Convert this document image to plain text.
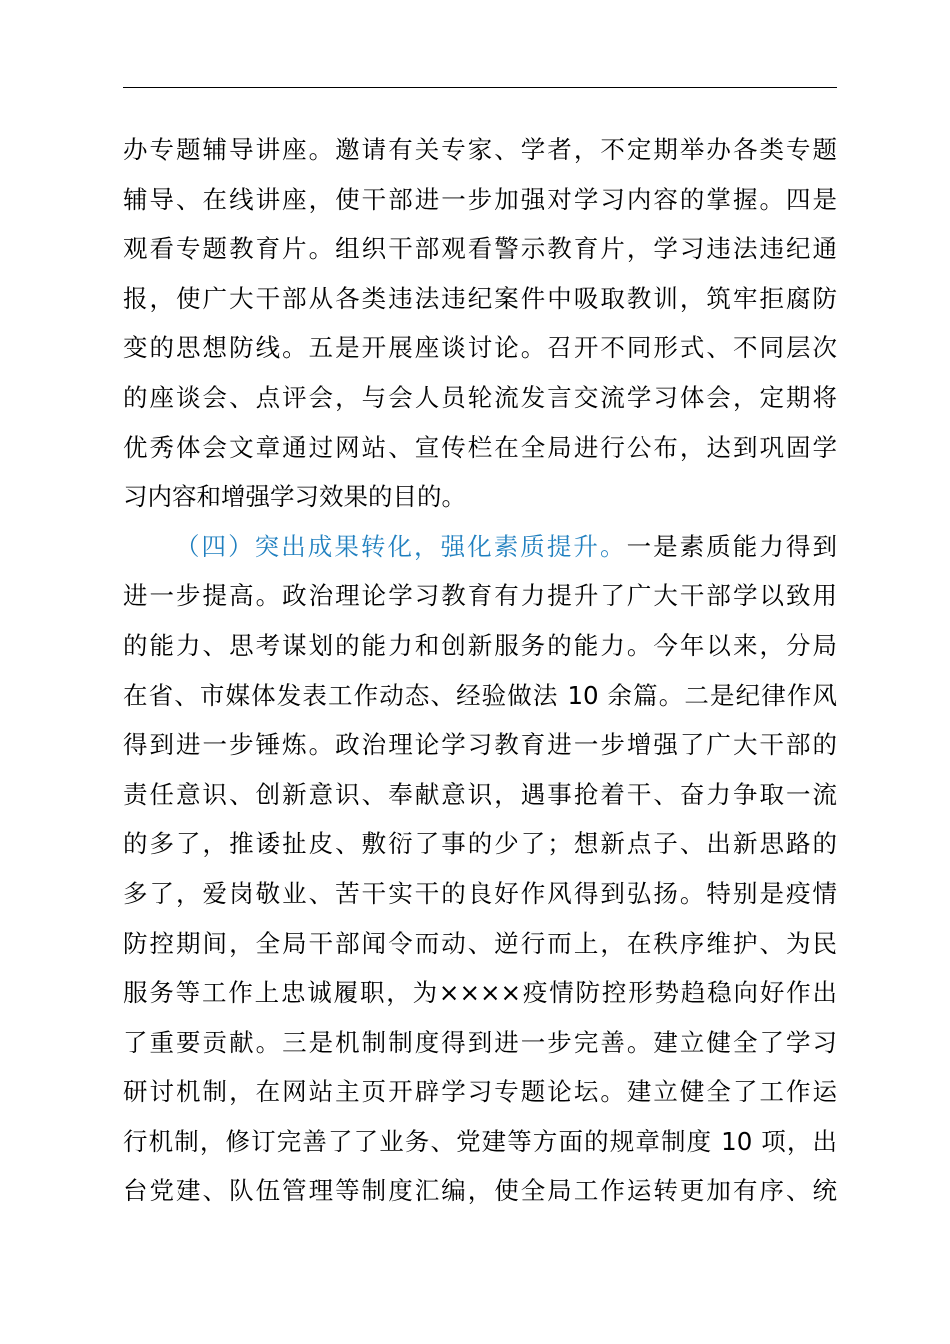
办专题辅导讲座。邀请有关专家、学者，不定期举办各类专题
辅导、在线讲座，使干部进一步加强对学习内容的掌握。四是
观看专题教育片。组织干部观看警示教育片，学习违法违纪通
报，使广大干部从各类违法违纪案件中吸取教训，筑牢拒腐防
变的思想防线。五是开展座谈讨论。召开不同形式、不同层次
的座谈会、点评会，与会人员轮流发言交流学习体会，定期将
优秀体会文章通过网站、宣传栏在全局进行公布，达到巩固学
习内容和增强学习效果的目的。
（四）突出成果转化，强化素质提升。一是素质能力得到
进一步提高。政治理论学习教育有力提升了广大干部学以致用
的能力、思考谋划的能力和创新服务的能力。今年以来，分局
在省、市媒体发表工作动态、经验做法 10 余篇。二是纪律作风
得到进一步锤炼。政治理论学习教育进一步增强了广大干部的
责任意识、创新意识、奉献意识，遇事抢着干、奋力争取一流
的多了，推诿扯皮、敷衍了事的少了；想新点子、出新思路的
多了，爱岗敬业、苦干实干的良好作风得到弘扬。特别是疫情
防控期间，全局干部闻令而动、逆行而上，在秩序维护、为民
服务等工作上忠诚履职，为××××疫情防控形势趋稳向好作出
了重要贡献。三是机制制度得到进一步完善。建立健全了学习
研讨机制，在网站主页开辟学习专题论坛。建立健全了工作运
行机制，修订完善了了业务、党建等方面的规章制度 10 项，出
台党建、队伍管理等制度汇编，使全局工作运转更加有序、统
